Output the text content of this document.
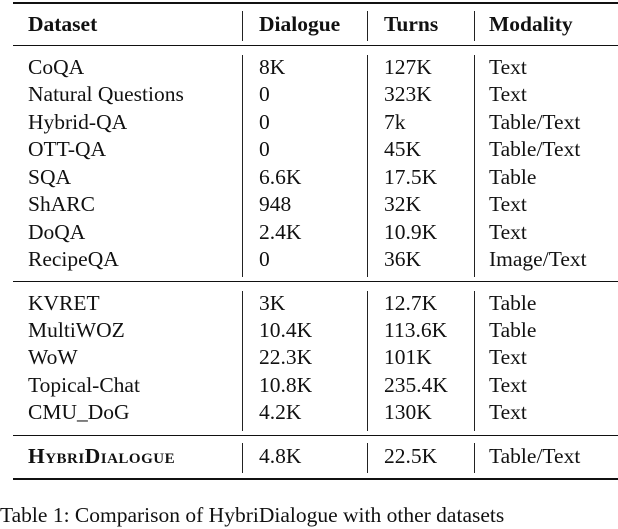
Dataset	Dialogue Turns Modality
CoQA	8K	127K	Text
Natural Questions	0	323K	Text
Hybrid-QA	0	7k	Table/Text
OTT-QA	0	45K	Table/Text
SQA	6.6K	17.5K Table
ShARC	948	32K	Text
DoQA	2.4K	10.9K Text
RecipeQA	0	36K	Image/Text
KVRET	3K	12.7K Table
MultiWOZ	10.4K	113.6K Table
WoW	22.3K	101K	Text
Topical-Chat	10.8K	235.4K Text
CMU_DoG	4.2K	130K	Text
HybriDialogue	4.8K	22.5K Table/Text
Table 1: Comparison of HybriDialogue with other datasets
